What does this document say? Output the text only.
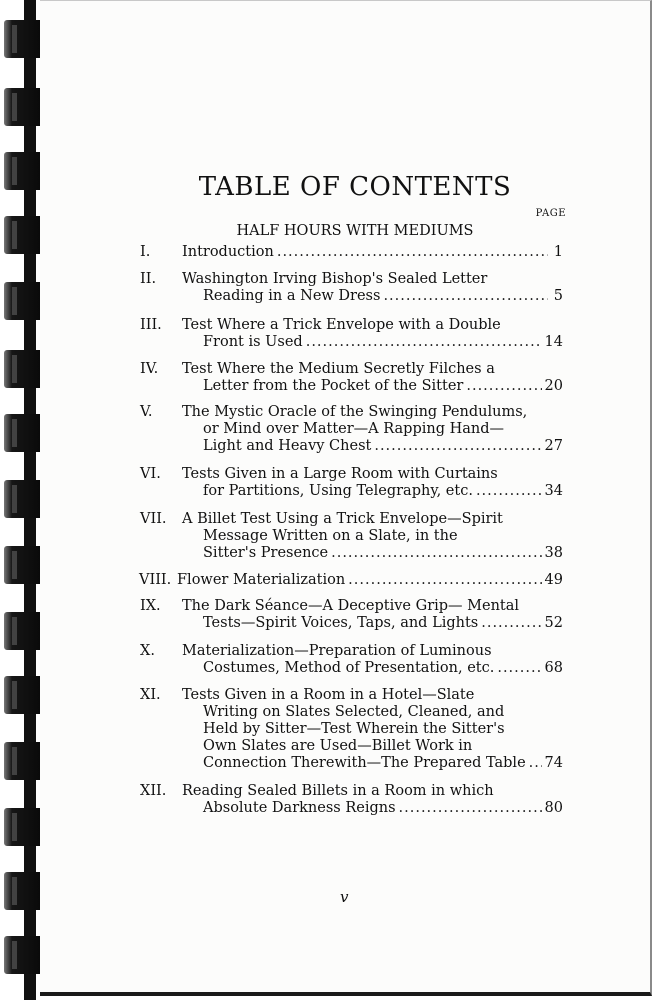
TABLE OF CONTENTS
PAGE
HALF HOURS WITH MEDIUMS
I. Introduction .....	1
II. Washington Irving Bishop's Sealed Letter
Reading in a New Dress .....	5
III. Test Where a Trick Envelope with a Double
Front is Used .....	14
IV. Test Where the Medium Secretly Filches a
Letter from the Pocket of the Sitter .....	20
V. The Mystic Oracle of the Swinging Pendulums,
or Mind over Matter—A Rapping Hand—
Light and Heavy Chest .....	27
VI. Tests Given in a Large Room with Curtains
for Partitions, Using Telegraphy, etc. .....	34
VII. A Billet Test Using a Trick Envelope—Spirit
Message Written on a Slate, in the
Sitter's Presence .....	38
VIII. Flower Materialization .....	49
IX. The Dark Séance—A Deceptive Grip— Mental
Tests—Spirit Voices, Taps, and Lights .....	52
X. Materialization—Preparation of Luminous
Costumes, Method of Presentation, etc. .....	68
XI. Tests Given in a Room in a Hotel—Slate
Writing on Slates Selected, Cleaned, and
Held by Sitter—Test Wherein the Sitter's
Own Slates are Used—Billet Work in
Connection Therewith—The Prepared Table ..... 74
XII. Reading Sealed Billets in a Room in which
Absolute Darkness Reigns .....	80
v
